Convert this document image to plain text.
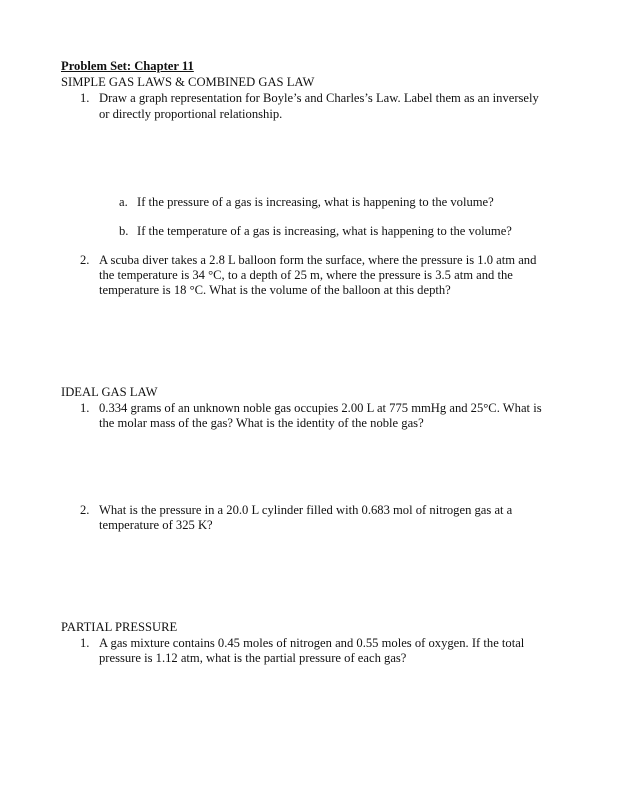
Problem Set: Chapter 11
SIMPLE GAS LAWS & COMBINED GAS LAW
1. Draw a graph representation for Boyle’s and Charles’s Law. Label them as an inversely
or directly proportional relationship.
a. If the pressure of a gas is increasing, what is happening to the volume?
b. If the temperature of a gas is increasing, what is happening to the volume?
2. A scuba diver takes a 2.8 L balloon form the surface, where the pressure is 1.0 atm and
the temperature is 34 °C, to a depth of 25 m, where the pressure is 3.5 atm and the
temperature is 18 °C. What is the volume of the balloon at this depth?
IDEAL GAS LAW
1. 0.334 grams of an unknown noble gas occupies 2.00 L at 775 mmHg and 25°C. What is
the molar mass of the gas? What is the identity of the noble gas?
2. What is the pressure in a 20.0 L cylinder filled with 0.683 mol of nitrogen gas at a
temperature of 325 K?
PARTIAL PRESSURE
1. A gas mixture contains 0.45 moles of nitrogen and 0.55 moles of oxygen. If the total
pressure is 1.12 atm, what is the partial pressure of each gas?
